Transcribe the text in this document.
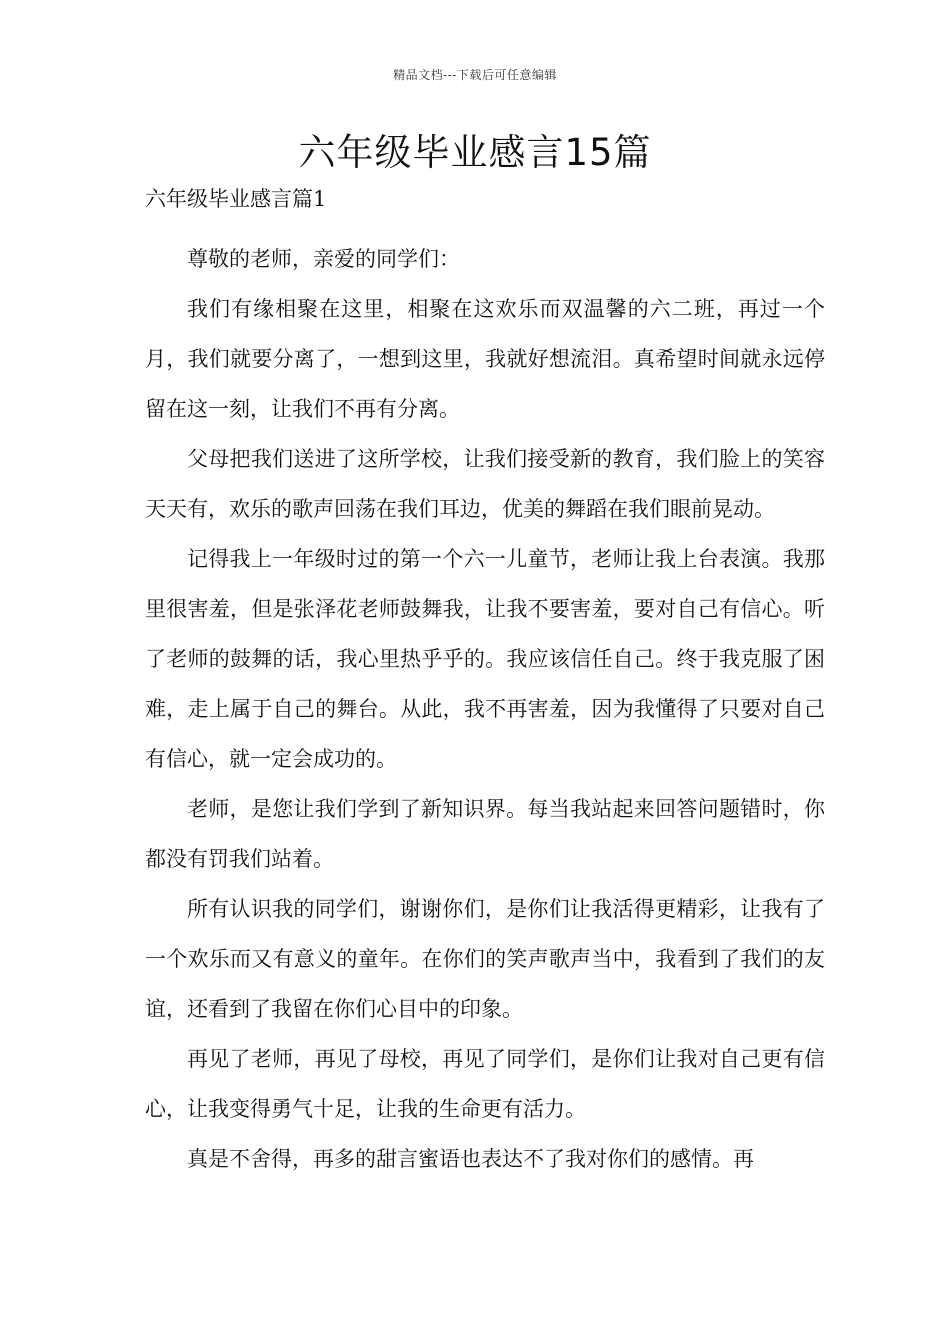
精品文档---下载后可任意编辑
六年级毕业感言15篇
六年级毕业感言篇1

尊敬的老师，亲爱的同学们：

我们有缘相聚在这里，相聚在这欢乐而双温馨的六二班，再过一个月，我们就要分离了，一想到这里，我就好想流泪。真希望时间就永远停留在这一刻，让我们不再有分离。

父母把我们送进了这所学校，让我们接受新的教育，我们脸上的笑容天天有，欢乐的歌声回荡在我们耳边，优美的舞蹈在我们眼前晃动。

记得我上一年级时过的第一个六一儿童节，老师让我上台表演。我那里很害羞，但是张泽花老师鼓舞我，让我不要害羞，要对自己有信心。听了老师的鼓舞的话，我心里热乎乎的。我应该信任自己。终于我克服了困难，走上属于自己的舞台。从此，我不再害羞，因为我懂得了只要对自己有信心，就一定会成功的。

老师，是您让我们学到了新知识界。每当我站起来回答问题错时，你都没有罚我们站着。

所有认识我的同学们，谢谢你们，是你们让我活得更精彩，让我有了一个欢乐而又有意义的童年。在你们的笑声歌声当中，我看到了我们的友谊，还看到了我留在你们心目中的印象。

再见了老师，再见了母校，再见了同学们，是你们让我对自己更有信心，让我变得勇气十足，让我的生命更有活力。

真是不舍得，再多的甜言蜜语也表达不了我对你们的感情。再
